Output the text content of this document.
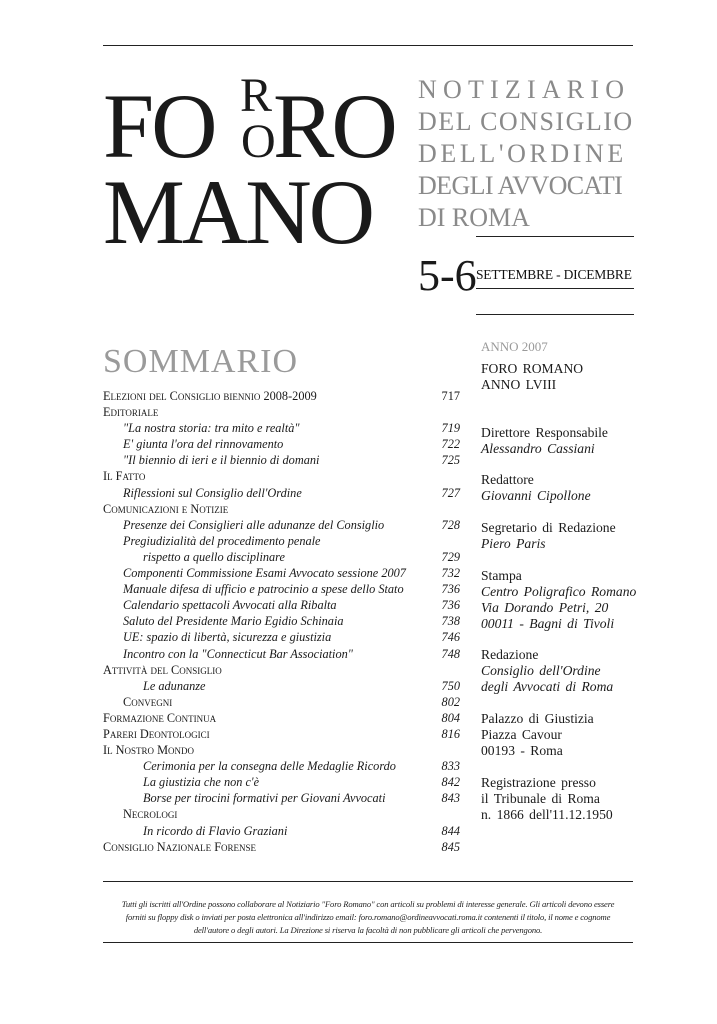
FO R
O
RO
MANO
NOTIZIARIO
DEL CONSIGLIO
DELL'ORDINE
DEGLI AVVOCATI
DI ROMA
5-6 SETTEMBRE - DICEMBRE
SOMMARIO
Elezioni del Consiglio biennio 2008-2009	717
Editoriale
"La nostra storia: tra mito e realtà"	719
E' giunta l'ora del rinnovamento	722
"Il biennio di ieri e il biennio di domani	725
Il Fatto
Riflessioni sul Consiglio dell'Ordine	727
Comunicazioni e Notizie
Presenze dei Consiglieri alle adunanze del Consiglio	728
Pregiudizialità del procedimento penale
rispetto a quello disciplinare	729
Componenti Commissione Esami Avvocato sessione 2007	732
Manuale difesa di ufficio e patrocinio a spese dello Stato	736
Calendario spettacoli Avvocati alla Ribalta	736
Saluto del Presidente Mario Egidio Schinaia	738
UE: spazio di libertà, sicurezza e giustizia	746
Incontro con la "Connecticut Bar Association"	748
Attività del Consiglio
Le adunanze	750
Convegni	802
Formazione Continua	804
Pareri Deontologici	816
Il Nostro Mondo
Cerimonia per la consegna delle Medaglie Ricordo	833
La giustizia che non c'è	842
Borse per tirocini formativi per Giovani Avvocati	843
Necrologi
In ricordo di Flavio Graziani	844
Consiglio Nazionale Forense	845
ANNO 2007
FORO ROMANO
ANNO LVIII
Direttore Responsabile
Alessandro Cassiani
Redattore
Giovanni Cipollone
Segretario di Redazione
Piero Paris
Stampa
Centro Poligrafico Romano
Via Dorando Petri, 20
00011 - Bagni di Tivoli
Redazione
Consiglio dell'Ordine
degli Avvocati di Roma
Palazzo di Giustizia
Piazza Cavour
00193 - Roma
Registrazione presso
il Tribunale di Roma
n. 1866 dell'11.12.1950
Tutti gli iscritti all'Ordine possono collaborare al Notiziario "Foro Romano" con articoli su problemi di interesse generale. Gli articoli devono essere
forniti su floppy disk o inviati per posta elettronica all'indirizzo email: foro.romano@ordineavvocati.roma.it contenenti il titolo, il nome e cognome
dell'autore o degli autori. La Direzione si riserva la facoltà di non pubblicare gli articoli che pervengono.
